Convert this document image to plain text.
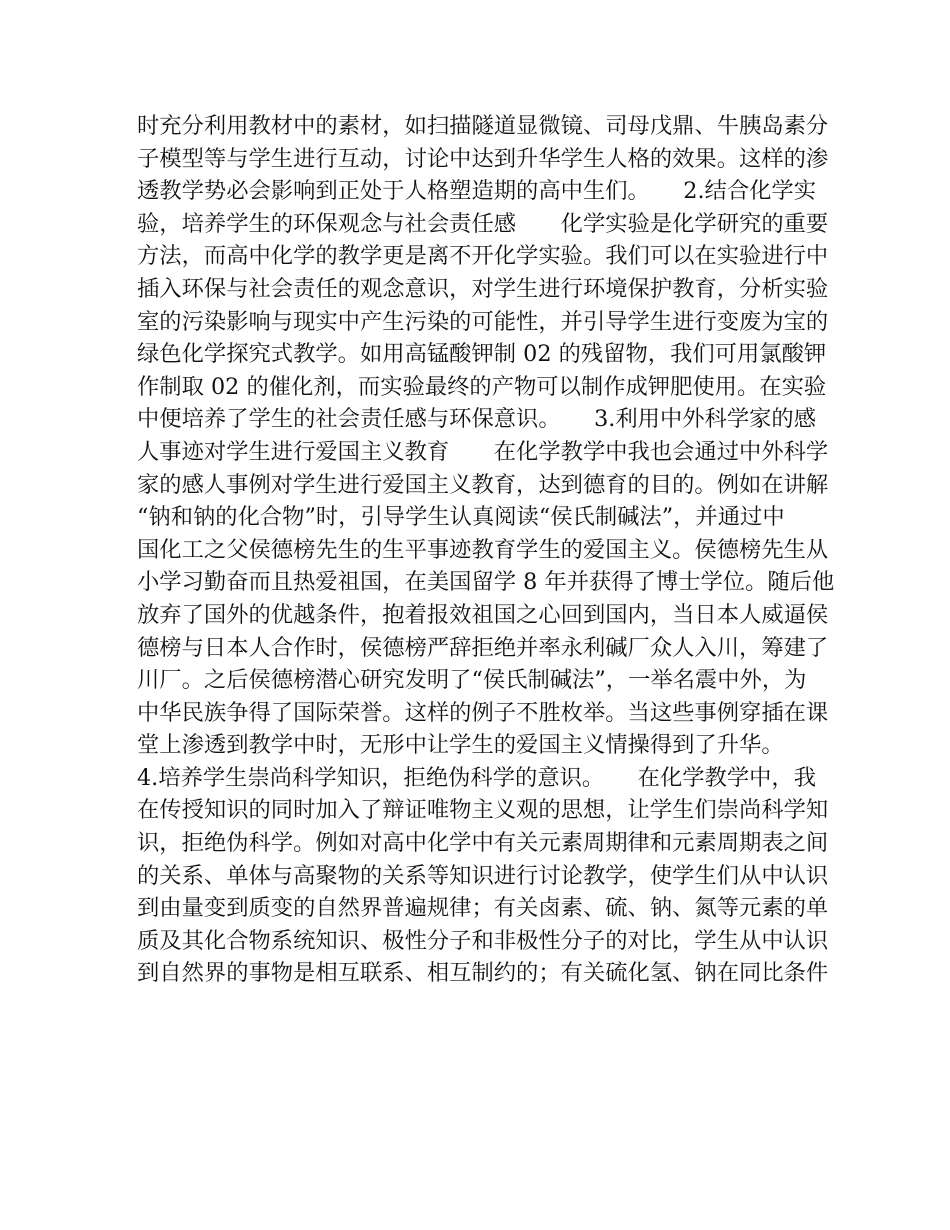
时充分利用教材中的素材，如扫描隧道显微镜、司母戊鼎、牛胰岛素分
子模型等与学生进行互动，讨论中达到升华学生人格的效果。这样的渗
透教学势必会影响到正处于人格塑造期的高中生们。　　2.结合化学实
验，培养学生的环保观念与社会责任感　　化学实验是化学研究的重要
方法，而高中化学的教学更是离不开化学实验。我们可以在实验进行中
插入环保与社会责任的观念意识，对学生进行环境保护教育，分析实验
室的污染影响与现实中产生污染的可能性，并引导学生进行变废为宝的
绿色化学探究式教学。如用高锰酸钾制 02 的残留物，我们可用氯酸钾
作制取 02 的催化剂，而实验最终的产物可以制作成钾肥使用。在实验
中便培养了学生的社会责任感与环保意识。　　3.利用中外科学家的感
人事迹对学生进行爱国主义教育　　在化学教学中我也会通过中外科学
家的感人事例对学生进行爱国主义教育，达到德育的目的。例如在讲解
“钠和钠的化合物”时，引导学生认真阅读“侯氏制碱法”，并通过中
国化工之父侯德榜先生的生平事迹教育学生的爱国主义。侯德榜先生从
小学习勤奋而且热爱祖国，在美国留学 8 年并获得了博士学位。随后他
放弃了国外的优越条件，抱着报效祖国之心回到国内，当日本人威逼侯
德榜与日本人合作时，侯德榜严辞拒绝并率永利碱厂众人入川，筹建了
川厂。之后侯德榜潜心研究发明了“侯氏制碱法”，一举名震中外，为
中华民族争得了国际荣誉。这样的例子不胜枚举。当这些事例穿插在课
堂上渗透到教学中时，无形中让学生的爱国主义情操得到了升华。
4.培养学生崇尚科学知识，拒绝伪科学的意识。　　在化学教学中，我
在传授知识的同时加入了辩证唯物主义观的思想，让学生们崇尚科学知
识，拒绝伪科学。例如对高中化学中有关元素周期律和元素周期表之间
的关系、单体与高聚物的关系等知识进行讨论教学，使学生们从中认识
到由量变到质变的自然界普遍规律；有关卤素、硫、钠、氮等元素的单
质及其化合物系统知识、极性分子和非极性分子的对比，学生从中认识
到自然界的事物是相互联系、相互制约的；有关硫化氢、钠在同比条件
